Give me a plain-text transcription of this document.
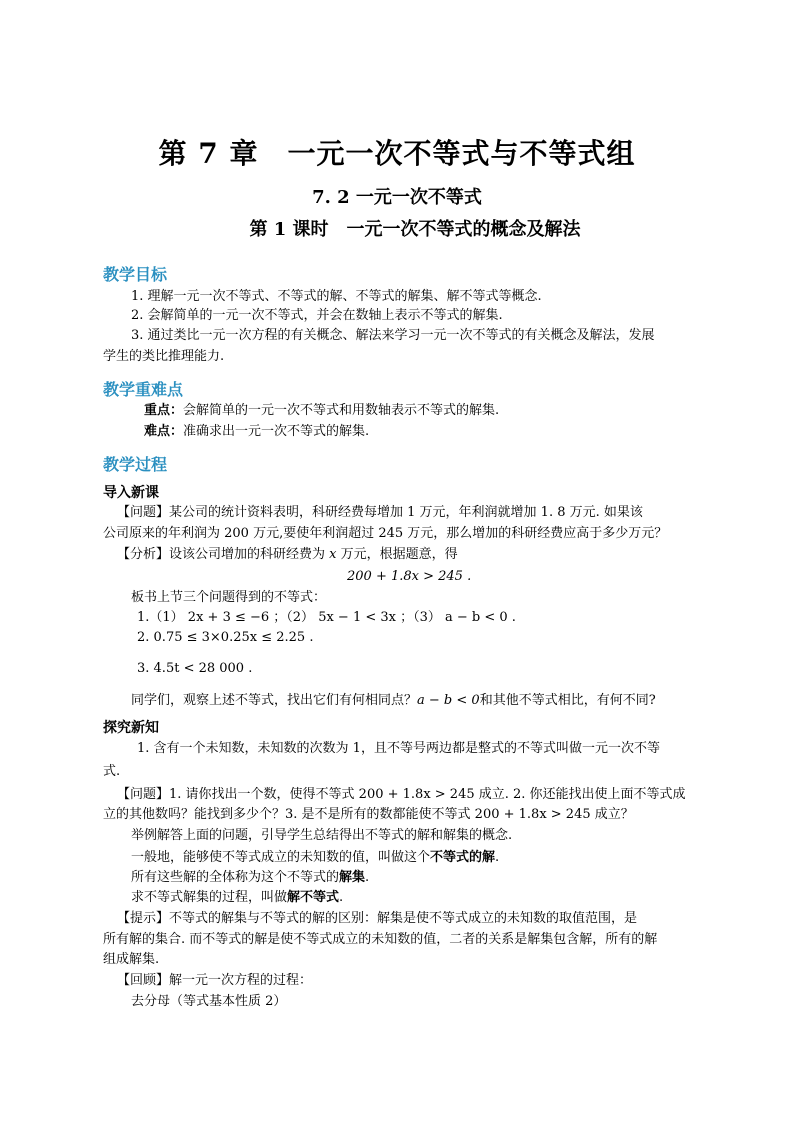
第 7 章　一元一次不等式与不等式组
7. 2 一元一次不等式
第 1 课时　一元一次不等式的概念及解法
教学目标
1. 理解一元一次不等式、不等式的解、不等式的解集、解不等式等概念.
2. 会解简单的一元一次不等式，并会在数轴上表示不等式的解集.
3. 通过类比一元一次方程的有关概念、解法来学习一元一次不等式的有关概念及解法，发展
学生的类比推理能力.
教学重难点
重点：会解简单的一元一次不等式和用数轴表示不等式的解集.
难点：准确求出一元一次不等式的解集.
教学过程
导入新课
【问题】某公司的统计资料表明，科研经费每增加 1 万元，年利润就增加 1. 8 万元. 如果该
公司原来的年利润为 200 万元,要使年利润超过 245 万元，那么增加的科研经费应高于多少万元？
【分析】设该公司增加的科研经费为 x 万元，根据题意，得
200 + 1.8x > 245 .
板书上节三个问题得到的不等式：
1.（1） 2x + 3 ≤ −6 ；（2） 5x − 1 < 3x ；（3） a − b < 0 .
2. 0.75 ≤ 3×0.25x ≤ 2.25 .
3. 4.5t < 28 000 .
同学们，观察上述不等式，找出它们有何相同点？a − b < 0和其他不等式相比，有何不同?
探究新知
1. 含有一个未知数，未知数的次数为 1，且不等号两边都是整式的不等式叫做一元一次不等
式.
【问题】1. 请你找出一个数，使得不等式 200 + 1.8x > 245 成立. 2. 你还能找出使上面不等式成
立的其他数吗？能找到多少个？3. 是不是所有的数都能使不等式 200 + 1.8x > 245 成立？
举例解答上面的问题，引导学生总结得出不等式的解和解集的概念.
一般地，能够使不等式成立的未知数的值，叫做这个不等式的解.
所有这些解的全体称为这个不等式的解集.
求不等式解集的过程，叫做解不等式.
【提示】不等式的解集与不等式的解的区别：解集是使不等式成立的未知数的取值范围，是
所有解的集合. 而不等式的解是使不等式成立的未知数的值，二者的关系是解集包含解，所有的解
组成解集.
【回顾】解一元一次方程的过程：
去分母（等式基本性质 2）
